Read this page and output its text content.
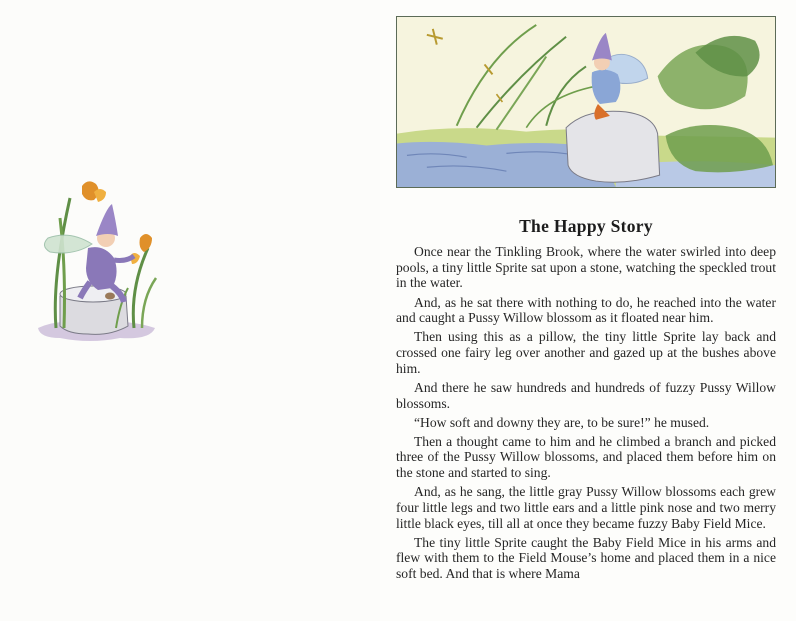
The Happy Story

Once near the Tinkling Brook, where the water swirled into deep pools, a tiny little Sprite sat upon a stone, watching the speckled trout in the water.

And, as he sat there with nothing to do, he reached into the water and caught a Pussy Willow blossom as it floated near him.

Then using this as a pillow, the tiny little Sprite lay back and crossed one fairy leg over another and gazed up at the bushes above him.

And there he saw hundreds and hundreds of fuzzy Pussy Willow blossoms.

“How soft and downy they are, to be sure!” he mused.

Then a thought came to him and he climbed a branch and picked three of the Pussy Willow blossoms, and placed them before him on the stone and started to sing.

And, as he sang, the little gray Pussy Willow blossoms each grew four little legs and two little ears and a little pink nose and two merry little black eyes, till all at once they became fuzzy Baby Field Mice.

The tiny little Sprite caught the Baby Field Mice in his arms and flew with them to the Field Mouse’s home and placed them in a nice soft bed. And that is where Mama
